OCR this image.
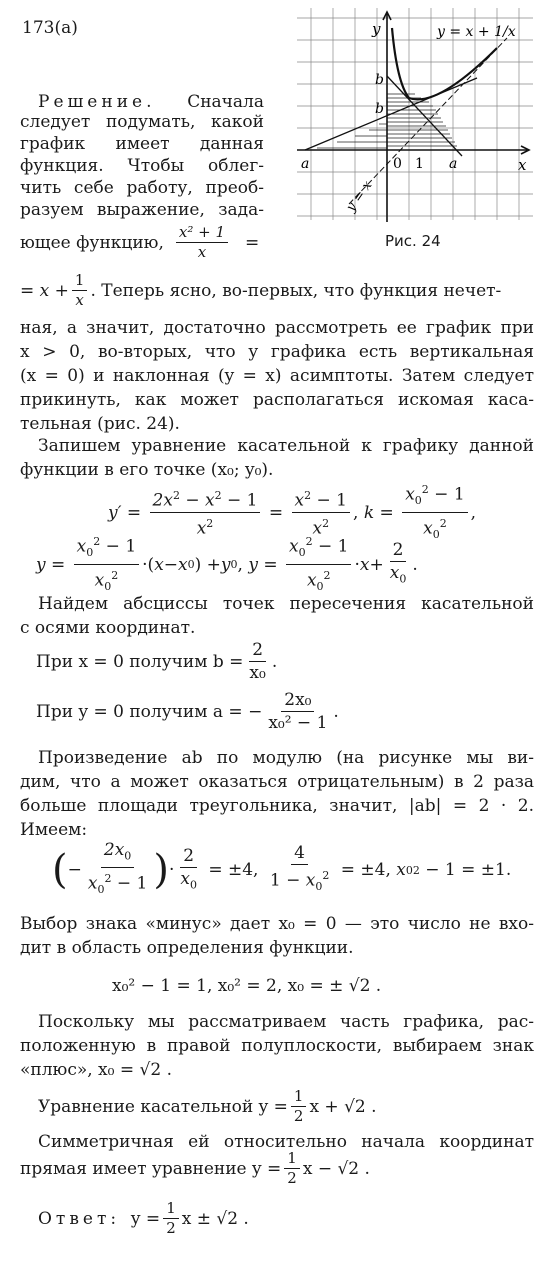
173(а)	y
x
y = x + 1/x
b
b
a	a
0 1
y = x
Рис. 24
Решение. Сначала
следует подумать, какой
график имеет данная
функция. Чтобы облег-
чить себе работу, преоб-
разуем выражение, зада-
ющее функцию, $\frac{\text{x² + 1}}{x}$ =
= $x + \frac{1}{x}$ . Теперь ясно, во-первых, что функция нечет-
ная, а значит, достаточно рассмотреть ее график при
x > 0, во-вторых, что у графика есть вертикальная
(x = 0) и наклонная (y = x) асимптоты. Затем следует
прикинуть, как может располагаться искомая каса-
тельная (рис. 24).
Запишем уравнение касательной к графику данной
функции в его точке (x₀; y₀).
$y' = \frac{2x^2 - x^2 - 1}{x^2} = \frac{x^2 - 1}{x^2}$ , $k = \frac{x_0^2 - 1}{x_0^2}$ ,
$y = \frac{x_0^2 - 1}{x_0^2}$ ·( x − x 0 ) + y 0 , $y = \frac{x_0^2 - 1}{x_0^2} \cdot x + \frac{2}{x_0}$ .
Найдем абсциссы точек пересечения касательной
с осями координат.
При x = 0 получим $b = \frac{2}{\text{x₀}}$ .
При y = 0 получим a = − $\frac{\text{2x₀}}{\text{x₀² − 1}}$ .
Произведение ab по модулю (на рисунке мы ви-
дим, что a может оказаться отрицательным) в 2 раза
больше площади треугольника, значит, |ab| = 2 · 2.
Имеем:
( − $\frac{2x_0}{x_0^2 - 1}$ ) · $\frac{2}{x_0} = \pm 4$, $\frac{4}{1 - x_0^2} = \pm 4$, x 0 2 − 1 = ±1.
Выбор знака «минус» дает x₀ = 0 — это число не вхо-
дит в область определения функции.
x₀² − 1 = 1, x₀² = 2, x₀ = ± √2 .
Поскольку мы рассматриваем часть графика, рас-
положенную в правой полуплоскости, выбираем знак
«плюс», x₀ = √2 .
Уравнение касательной $y = \frac{1}{2}$ x + √2 .
Симметричная ей относительно начала координат
прямая имеет уравнение $y = \frac{1}{2}$ x − √2 .
Ответ:
$y = \frac{1}{2}$ x ± √2 .
